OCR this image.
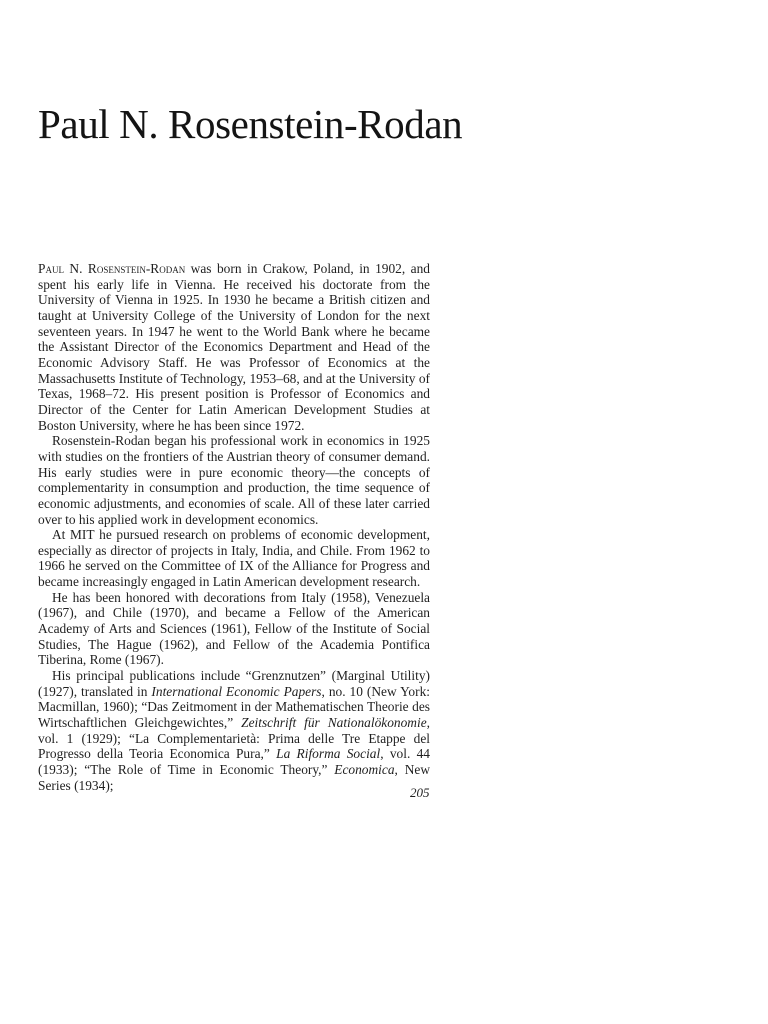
Paul N. Rosenstein-Rodan

Paul N. Rosenstein-Rodan was born in Crakow, Poland, in 1902, and spent his early life in Vienna. He received his doctorate from the University of Vienna in 1925. In 1930 he became a British citizen and taught at University College of the University of London for the next seventeen years. In 1947 he went to the World Bank where he became the Assistant Director of the Economics Department and Head of the Economic Advisory Staff. He was Professor of Economics at the Massachusetts Institute of Technology, 1953–68, and at the University of Texas, 1968–72. His present position is Professor of Economics and Director of the Center for Latin American Development Studies at Boston University, where he has been since 1972.

Rosenstein-Rodan began his professional work in economics in 1925 with studies on the frontiers of the Austrian theory of consumer demand. His early studies were in pure economic theory—the concepts of complementarity in consumption and production, the time sequence of economic adjustments, and economies of scale. All of these later carried over to his applied work in development economics.

At MIT he pursued research on problems of economic development, especially as director of projects in Italy, India, and Chile. From 1962 to 1966 he served on the Committee of IX of the Alliance for Progress and became increasingly engaged in Latin American development research.

He has been honored with decorations from Italy (1958), Venezuela (1967), and Chile (1970), and became a Fellow of the American Academy of Arts and Sciences (1961), Fellow of the Institute of Social Studies, The Hague (1962), and Fellow of the Academia Pontifica Tiberina, Rome (1967).

His principal publications include “Grenznutzen” (Marginal Utility) (1927), translated in International Economic Papers, no. 10 (New York: Macmillan, 1960); “Das Zeitmoment in der Mathematischen Theorie des Wirtschaftlichen Gleichgewichtes,” Zeitschrift für Nationalökonomie, vol. 1 (1929); “La Complementarietà: Prima delle Tre Etappe del Progresso della Teoria Economica Pura,” La Riforma Social, vol. 44 (1933); “The Role of Time in Economic Theory,” Economica, New Series (1934);	205
